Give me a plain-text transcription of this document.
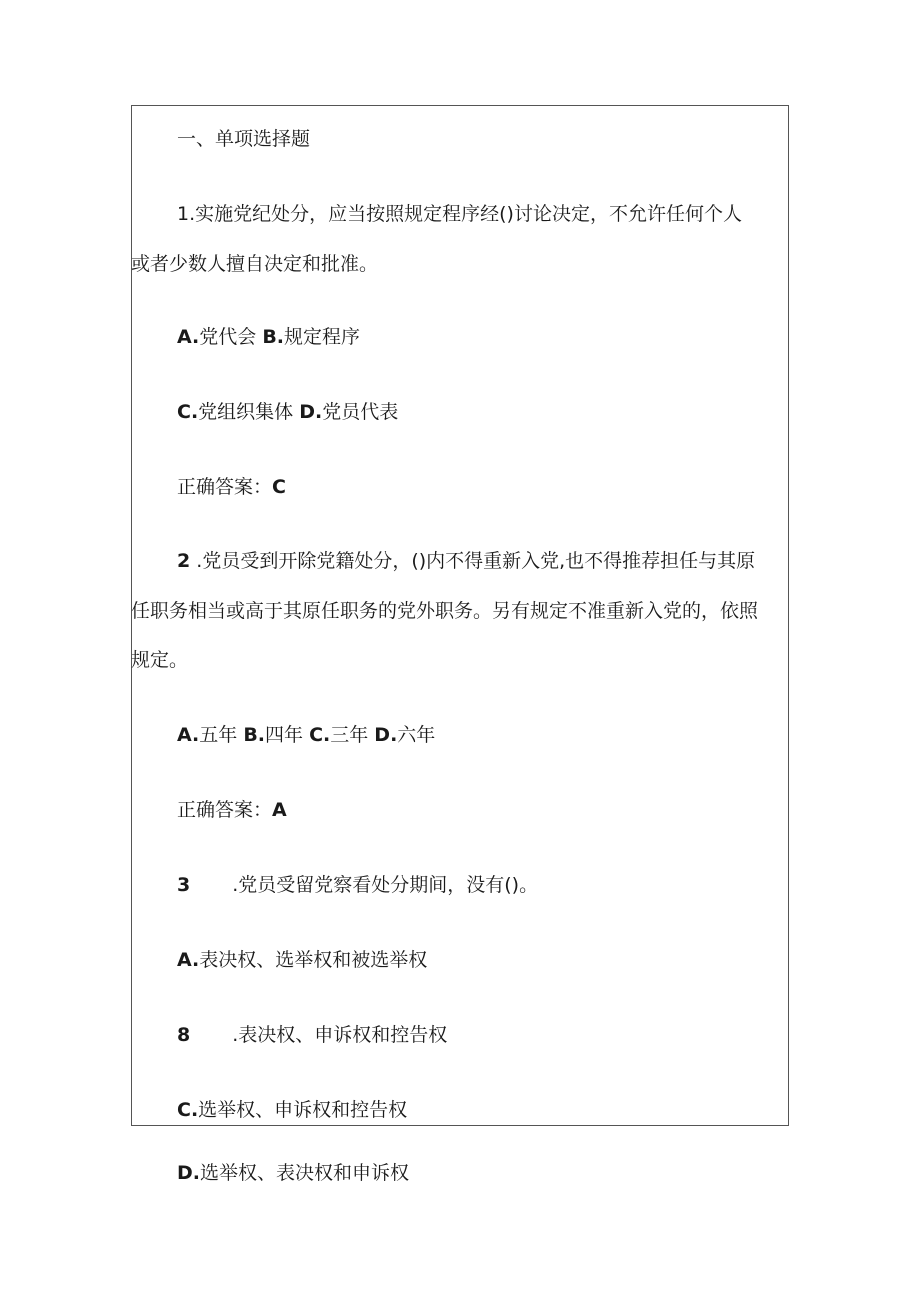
一、单项选择题
1.实施党纪处分，应当按照规定程序经()讨论决定，不允许任何个人
或者少数人擅自决定和批准。
A.党代会 B.规定程序
C.党组织集体 D.党员代表
正确答案：C
2 .党员受到开除党籍处分，()内不得重新入党,也不得推荐担任与其原
任职务相当或高于其原任职务的党外职务。另有规定不准重新入党的，依照
规定。
A.五年 B.四年 C.三年 D.六年
正确答案：A
3 .党员受留党察看处分期间，没有()。
A.表决权、选举权和被选举权
8 .表决权、申诉权和控告权
C.选举权、申诉权和控告权
D.选举权、表决权和申诉权
